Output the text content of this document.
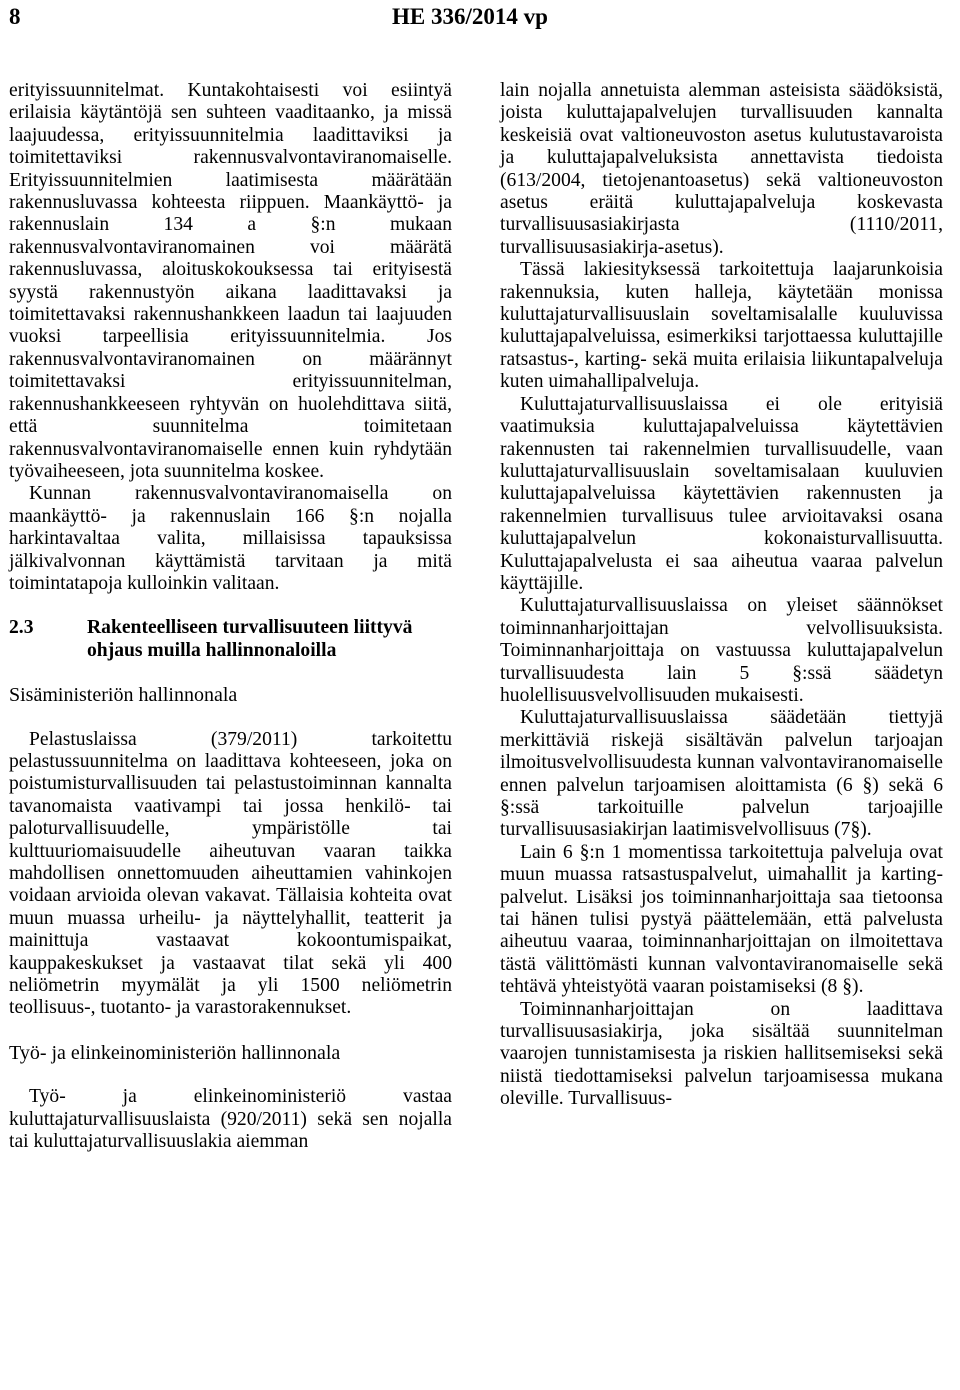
8	HE 336/2014 vp

erityissuunnitelmat. Kuntakohtaisesti voi esiintyä erilaisia käytäntöjä sen suhteen vaaditaanko, ja missä laajuudessa, erityissuunnitelmia laadittaviksi ja toimitettaviksi rakennusvalvontaviranomaiselle. Erityissuunnitelmien laatimisesta määrätään rakennusluvassa kohteesta riippuen. Maankäyttö- ja rakennuslain 134 a §:n mukaan rakennusvalvontaviranomainen voi määrätä rakennusluvassa, aloituskokouksessa tai erityisestä syystä rakennustyön aikana laadittavaksi ja toimitettavaksi rakennushankkeen laadun tai laajuuden vuoksi tarpeellisia erityissuunnitelmia. Jos rakennusvalvontaviranomainen on määrännyt toimitettavaksi erityissuunnitelman, rakennushankkeeseen ryhtyvän on huolehdittava siitä, että suunnitelma toimitetaan rakennusvalvontaviranomaiselle ennen kuin ryhdytään työvaiheeseen, jota suunnitelma koskee.

Kunnan rakennusvalvontaviranomaisella on maankäyttö- ja rakennuslain 166 §:n nojalla harkintavaltaa valita, millaisissa tapauksissa jälkivalvonnan käyttämistä tarvitaan ja mitä toimintatapoja kulloinkin valitaan.

2.3	Rakenteelliseen turvallisuuteen liittyvä ohjaus muilla hallinnonaloilla

Sisäministeriön hallinnonala

Pelastuslaissa (379/2011) tarkoitettu pelastussuunnitelma on laadittava kohteeseen, joka on poistumisturvallisuuden tai pelastustoiminnan kannalta tavanomaista vaativampi tai jossa henkilö- tai paloturvallisuudelle, ympäristölle tai kulttuuriomaisuudelle aiheutuvan vaaran taikka mahdollisen onnettomuuden aiheuttamien vahinkojen voidaan arvioida olevan vakavat. Tällaisia kohteita ovat muun muassa urheilu- ja näyttelyhallit, teatterit ja mainittuja vastaavat kokoontumispaikat, kauppakeskukset ja vastaavat tilat sekä yli 400 neliömetrin myymälät ja yli 1500 neliömetrin teollisuus-, tuotanto- ja varastorakennukset.

Työ- ja elinkeinoministeriön hallinnonala

Työ- ja elinkeinoministeriö vastaa kuluttajaturvallisuuslaista (920/2011) sekä sen nojalla tai kuluttajaturvallisuuslakia aiemman

lain nojalla annetuista alemman asteisista säädöksistä, joista kuluttajapalvelujen turvallisuuden kannalta keskeisiä ovat valtioneuvoston asetus kulutustavaroista ja kuluttajapalveluksista annettavista tiedoista (613/2004, tietojenantoasetus) sekä valtioneuvoston asetus eräitä kuluttajapalveluja koskevasta turvallisuusasiakirjasta (1110/2011, turvallisuusasiakirja-asetus).

Tässä lakiesityksessä tarkoitettuja laajarunkoisia rakennuksia, kuten halleja, käytetään monissa kuluttajaturvallisuuslain soveltamisalalle kuuluvissa kuluttajapalveluissa, esimerkiksi tarjottaessa kuluttajille ratsastus-, karting- sekä muita erilaisia liikuntapalveluja kuten uimahallipalveluja.

Kuluttajaturvallisuuslaissa ei ole erityisiä vaatimuksia kuluttajapalveluissa käytettävien rakennusten tai rakennelmien turvallisuudelle, vaan kuluttajaturvallisuuslain soveltamisalaan kuuluvien kuluttajapalveluissa käytettävien rakennusten ja rakennelmien turvallisuus tulee arvioitavaksi osana kuluttajapalvelun kokonaisturvallisuutta. Kuluttajapalvelusta ei saa aiheutua vaaraa palvelun käyttäjille.

Kuluttajaturvallisuuslaissa on yleiset säännökset toiminnanharjoittajan velvollisuuksista. Toiminnanharjoittaja on vastuussa kuluttajapalvelun turvallisuudesta lain 5 §:ssä säädetyn huolellisuusvelvollisuuden mukaisesti.

Kuluttajaturvallisuuslaissa säädetään tiettyjä merkittäviä riskejä sisältävän palvelun tarjoajan ilmoitusvelvollisuudesta kunnan valvontaviranomaiselle ennen palvelun tarjoamisen aloittamista (6 §) sekä 6 §:ssä tarkoituille palvelun tarjoajille turvallisuusasiakirjan laatimisvelvollisuus (7§).

Lain 6 §:n 1 momentissa tarkoitettuja palveluja ovat muun muassa ratsastuspalvelut, uimahallit ja karting-palvelut. Lisäksi jos toiminnanharjoittaja saa tietoonsa tai hänen tulisi pystyä päättelemään, että palvelusta aiheutuu vaaraa, toiminnanharjoittajan on ilmoitettava tästä välittömästi kunnan valvontaviranomaiselle sekä tehtävä yhteistyötä vaaran poistamiseksi (8 §).

Toiminnanharjoittajan on laadittava turvallisuusasiakirja, joka sisältää suunnitelman vaarojen tunnistamisesta ja riskien hallitsemiseksi sekä niistä tiedottamiseksi palvelun tarjoamisessa mukana oleville. Turvallisuus-
